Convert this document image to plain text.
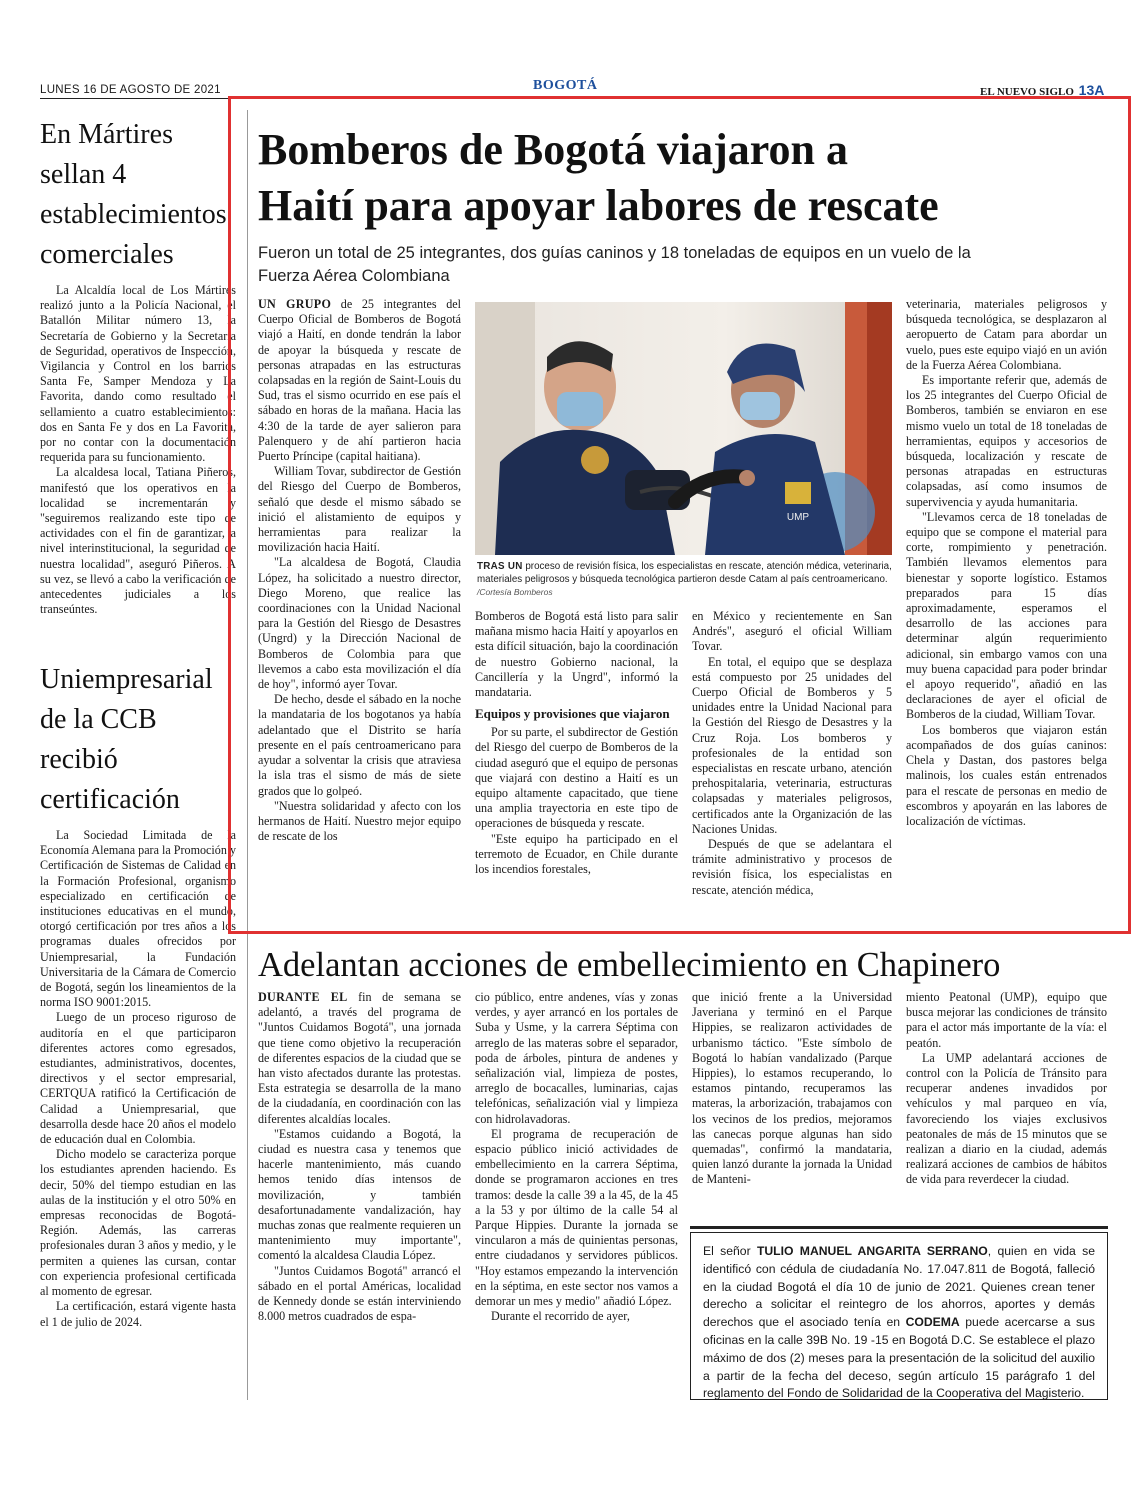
LUNES 16 DE AGOSTO DE 2021	BOGOTÁ	EL NUEVO SIGLO 13A
En Mártires
sellan 4
establecimientos
comerciales

La Alcaldía local de Los Mártires realizó junto a la Policía Nacional, el Batallón Militar número 13, la Secretaría de Gobierno y la Secretaría de Seguridad, operativos de Inspección, Vigilancia y Control en los barrios Santa Fe, Samper Mendoza y La Favorita, dando como resultado el sellamiento a cuatro establecimientos: dos en Santa Fe y dos en La Favorita, por no contar con la documentación requerida para su funcionamiento.

La alcaldesa local, Tatiana Piñeros, manifestó que los operativos en la localidad se incrementarán y "seguiremos realizando este tipo de actividades con el fin de garantizar, a nivel interinstitucional, la seguridad de nuestra localidad", aseguró Piñeros. A su vez, se llevó a cabo la verificación de antecedentes judiciales a los transeúntes.

Uniempresarial
de la CCB
recibió
certificación

La Sociedad Limitada de la Economía Alemana para la Promoción y Certificación de Sistemas de Calidad en la Formación Profesional, organismo especializado en certificación de instituciones educativas en el mundo, otorgó certificación por tres años a los programas duales ofrecidos por Uniempresarial, la Fundación Universitaria de la Cámara de Comercio de Bogotá, según los lineamientos de la norma ISO 9001:2015.

Luego de un proceso riguroso de auditoría en el que participaron diferentes actores como egresados, estudiantes, administrativos, docentes, directivos y el sector empresarial, CERTQUA ratificó la Certificación de Calidad a Uniempresarial, que desarrolla desde hace 20 años el modelo de educación dual en Colombia.

Dicho modelo se caracteriza porque los estudiantes aprenden haciendo. Es decir, 50% del tiempo estudian en las aulas de la institución y el otro 50% en empresas reconocidas de Bogotá-Región. Además, las carreras profesionales duran 3 años y medio, y le permiten a quienes las cursan, contar con experiencia profesional certificada al momento de egresar.

La certificación, estará vigente hasta el 1 de julio de 2024.

Bomberos de Bogotá viajaron a
Haití para apoyar labores de rescate
Fueron un total de 25 integrantes, dos guías caninos y 18 toneladas de equipos en un vuelo de la
Fuerza Aérea Colombiana

UN GRUPO de 25 integrantes del Cuerpo Oficial de Bomberos de Bogotá viajó a Haití, en donde tendrán la labor de apoyar la búsqueda y rescate de personas atrapadas en las estructuras colapsadas en la región de Saint-Louis du Sud, tras el sismo ocurrido en ese país el sábado en horas de la mañana. Hacia las 4:30 de la tarde de ayer salieron para Palenquero y de ahí partieron hacia Puerto Príncipe (capital haitiana).

William Tovar, subdirector de Gestión del Riesgo del Cuerpo de Bomberos, señaló que desde el mismo sábado se inició el alistamiento de equipos y herramientas para realizar la movilización hacia Haití.

"La alcaldesa de Bogotá, Claudia López, ha solicitado a nuestro director, Diego Moreno, que realice las coordinaciones con la Unidad Nacional para la Gestión del Riesgo de Desastres (Ungrd) y la Dirección Nacional de Bomberos de Colombia para que llevemos a cabo esta movilización el día de hoy", informó ayer Tovar.

De hecho, desde el sábado en la noche la mandataria de los bogotanos ya había adelantado que el Distrito se haría presente en el país centroamericano para ayudar a solventar la crisis que atraviesa la isla tras el sismo de más de siete grados que lo golpeó.

"Nuestra solidaridad y afecto con los hermanos de Haití. Nuestro mejor equipo de rescate de los

UMP
TRAS UN proceso de revisión física, los especialistas en rescate, atención médica, veterinaria, materiales peligrosos y búsqueda tecnológica partieron desde Catam al país centroamericano. /Cortesía Bomberos

Bomberos de Bogotá está listo para salir mañana mismo hacia Haití y apoyarlos en esta difícil situación, bajo la coordinación de nuestro Gobierno nacional, la Cancillería y la Ungrd", informó la mandataria.

Equipos y provisiones que viajaron

Por su parte, el subdirector de Gestión del Riesgo del cuerpo de Bomberos de la ciudad aseguró que el equipo de personas que viajará con destino a Haití es un equipo altamente capacitado, que tiene una amplia trayectoria en este tipo de operaciones de búsqueda y rescate.

"Este equipo ha participado en el terremoto de Ecuador, en Chile durante los incendios forestales,

en México y recientemente en San Andrés", aseguró el oficial William Tovar.

En total, el equipo que se desplaza está compuesto por 25 unidades del Cuerpo Oficial de Bomberos y 5 unidades entre la Unidad Nacional para la Gestión del Riesgo de Desastres y la Cruz Roja. Los bomberos y profesionales de la entidad son especialistas en rescate urbano, atención prehospitalaria, veterinaria, estructuras colapsadas y materiales peligrosos, certificados ante la Organización de las Naciones Unidas.

Después de que se adelantara el trámite administrativo y procesos de revisión física, los especialistas en rescate, atención médica,

veterinaria, materiales peligrosos y búsqueda tecnológica, se desplazaron al aeropuerto de Catam para abordar un vuelo, pues este equipo viajó en un avión de la Fuerza Aérea Colombiana.

Es importante referir que, además de los 25 integrantes del Cuerpo Oficial de Bomberos, también se enviaron en ese mismo vuelo un total de 18 toneladas de herramientas, equipos y accesorios de búsqueda, localización y rescate de personas atrapadas en estructuras colapsadas, así como insumos de supervivencia y ayuda humanitaria.

"Llevamos cerca de 18 toneladas de equipo que se compone el material para corte, rompimiento y penetración. También llevamos elementos para bienestar y soporte logístico. Estamos preparados para 15 días aproximadamente, esperamos el desarrollo de las acciones para determinar algún requerimiento adicional, sin embargo vamos con una muy buena capacidad para poder brindar el apoyo requerido", añadió en las declaraciones de ayer el oficial de Bomberos de la ciudad, William Tovar.

Los bomberos que viajaron están acompañados de dos guías caninos: Chela y Dastan, dos pastores belga malinois, los cuales están entrenados para el rescate de personas en medio de escombros y apoyarán en las labores de localización de víctimas.

Adelantan acciones de embellecimiento en Chapinero

DURANTE EL fin de semana se adelantó, a través del programa de "Juntos Cuidamos Bogotá", una jornada que tiene como objetivo la recuperación de diferentes espacios de la ciudad que se han visto afectados durante las protestas. Esta estrategia se desarrolla de la mano de la ciudadanía, en coordinación con las diferentes alcaldías locales.

"Estamos cuidando a Bogotá, la ciudad es nuestra casa y tenemos que hacerle mantenimiento, más cuando hemos tenido días intensos de movilización, y también desafortunadamente vandalización, hay muchas zonas que realmente requieren un mantenimiento muy importante", comentó la alcaldesa Claudia López.

"Juntos Cuidamos Bogotá" arrancó el sábado en el portal Américas, localidad de Kennedy donde se están interviniendo 8.000 metros cuadrados de espa-

cio público, entre andenes, vías y zonas verdes, y ayer arrancó en los portales de Suba y Usme, y la carrera Séptima con arreglo de las materas sobre el separador, poda de árboles, pintura de andenes y señalización vial, limpieza de postes, arreglo de bocacalles, luminarias, cajas telefónicas, señalización vial y limpieza con hidrolavadoras.

El programa de recuperación de espacio público inició actividades de embellecimiento en la carrera Séptima, donde se programaron acciones en tres tramos: desde la calle 39 a la 45, de la 45 a la 53 y por último de la calle 54 al Parque Hippies. Durante la jornada se vincularon a más de quinientas personas, entre ciudadanos y servidores públicos. "Hoy estamos empezando la intervención en la séptima, en este sector nos vamos a demorar un mes y medio" añadió López.

Durante el recorrido de ayer,

que inició frente a la Universidad Javeriana y terminó en el Parque Hippies, se realizaron actividades de urbanismo táctico. "Este símbolo de Bogotá lo habían vandalizado (Parque Hippies), lo estamos recuperando, lo estamos pintando, recuperamos las materas, la arborización, trabajamos con los vecinos de los predios, mejoramos las canecas porque algunas han sido quemadas", confirmó la mandataria, quien lanzó durante la jornada la Unidad de Manteni-

miento Peatonal (UMP), equipo que busca mejorar las condiciones de tránsito para el actor más importante de la vía: el peatón.

La UMP adelantará acciones de control con la Policía de Tránsito para recuperar andenes invadidos por vehículos y mal parqueo en vía, favoreciendo los viajes exclusivos peatonales de más de 15 minutos que se realizan a diario en la ciudad, además realizará acciones de cambios de hábitos de vida para reverdecer la ciudad.

El señor TULIO MANUEL ANGARITA SERRANO, quien en vida se identificó con cédula de ciudadanía No. 17.047.811 de Bogotá, falleció en la ciudad Bogotá el día 10 de junio de 2021. Quienes crean tener derecho a solicitar el reintegro de los ahorros, aportes y demás derechos que el asociado tenía en CODEMA puede acercarse a sus oficinas en la calle 39B No. 19 -15 en Bogotá D.C. Se establece el plazo máximo de dos (2) meses para la presentación de la solicitud del auxilio a partir de la fecha del deceso, según artículo 15 parágrafo 1 del reglamento del Fondo de Solidaridad de la Cooperativa del Magisterio.
